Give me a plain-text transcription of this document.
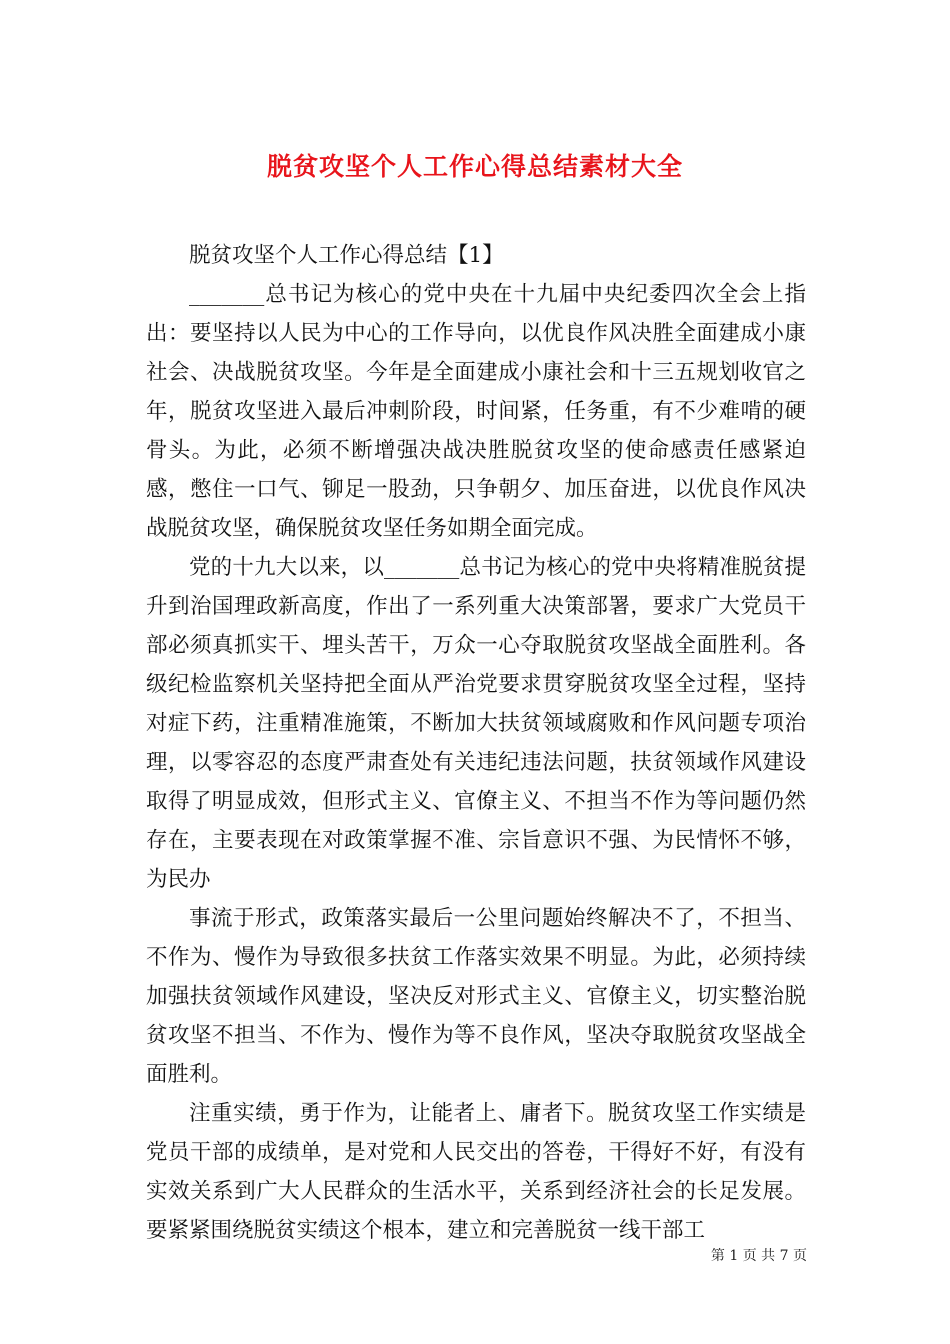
脱贫攻坚个人工作心得总结素材大全

脱贫攻坚个人工作心得总结【1】

_______总书记为核心的党中央在十九届中央纪委四次全会上指出：要坚持以人民为中心的工作导向，以优良作风决胜全面建成小康社会、决战脱贫攻坚。今年是全面建成小康社会和十三五规划收官之年，脱贫攻坚进入最后冲刺阶段，时间紧，任务重，有不少难啃的硬骨头。为此，必须不断增强决战决胜脱贫攻坚的使命感责任感紧迫感，憋住一口气、铆足一股劲，只争朝夕、加压奋进，以优良作风决战脱贫攻坚，确保脱贫攻坚任务如期全面完成。

党的十九大以来，以_______总书记为核心的党中央将精准脱贫提升到治国理政新高度，作出了一系列重大决策部署，要求广大党员干部必须真抓实干、埋头苦干，万众一心夺取脱贫攻坚战全面胜利。各级纪检监察机关坚持把全面从严治党要求贯穿脱贫攻坚全过程，坚持对症下药，注重精准施策，不断加大扶贫领域腐败和作风问题专项治理，以零容忍的态度严肃查处有关违纪违法问题，扶贫领域作风建设取得了明显成效，但形式主义、官僚主义、不担当不作为等问题仍然存在，主要表现在对政策掌握不准、宗旨意识不强、为民情怀不够，为民办

事流于形式，政策落实最后一公里问题始终解决不了，不担当、不作为、慢作为导致很多扶贫工作落实效果不明显。为此，必须持续加强扶贫领域作风建设，坚决反对形式主义、官僚主义，切实整治脱贫攻坚不担当、不作为、慢作为等不良作风，坚决夺取脱贫攻坚战全面胜利。

注重实绩，勇于作为，让能者上、庸者下。脱贫攻坚工作实绩是党员干部的成绩单，是对党和人民交出的答卷，干得好不好，有没有实效关系到广大人民群众的生活水平，关系到经济社会的长足发展。要紧紧围绕脱贫实绩这个根本，建立和完善脱贫一线干部工

第 1 页 共 7 页
